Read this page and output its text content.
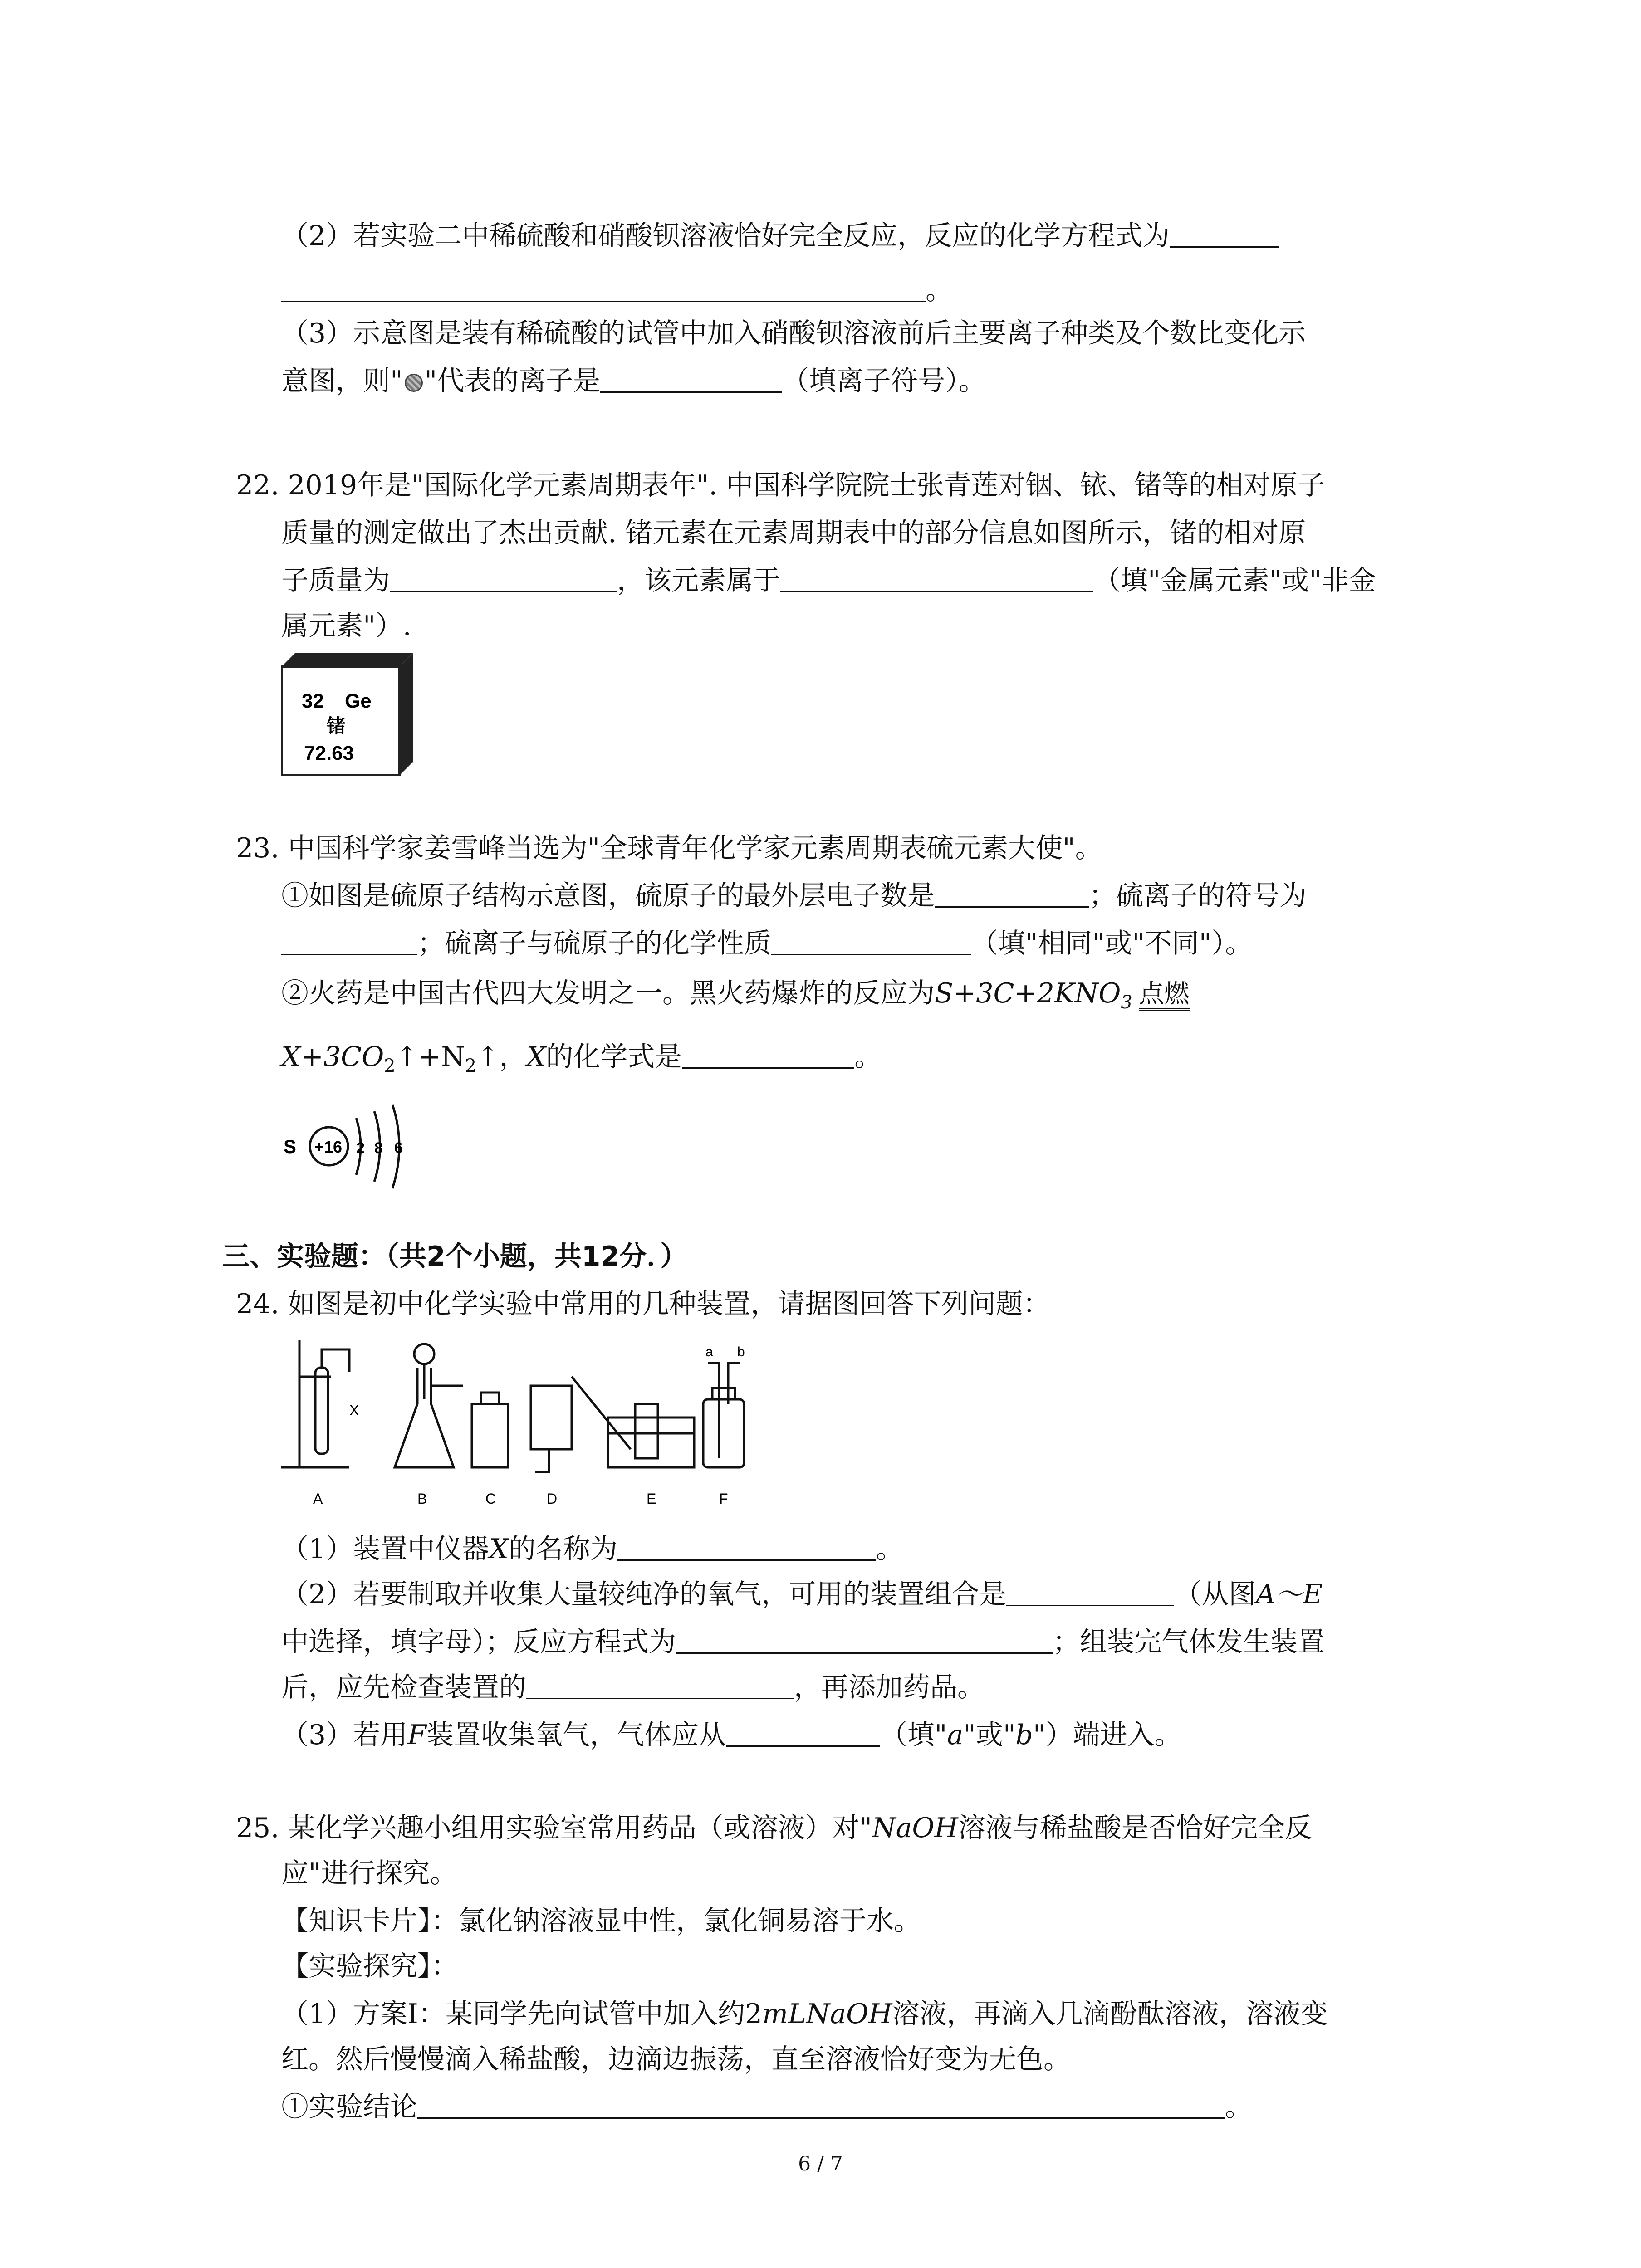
（2）若实验二中稀硫酸和硝酸钡溶液恰好完全反应，反应的化学方程式为
。
（3）示意图是装有稀硫酸的试管中加入硝酸钡溶液前后主要离子种类及个数比变化示
意图，则" "代表的离子是	（填离子符号）。
22. 2019年是"国际化学元素周期表年". 中国科学院院士张青莲对铟、铱、锗等的相对原子
质量的测定做出了杰出贡献. 锗元素在元素周期表中的部分信息如图所示，锗的相对原
子质量为	，该元素属于	（填"金属元素"或"非金
属元素"）.
32 Ge
锗
72.63
23. 中国科学家姜雪峰当选为"全球青年化学家元素周期表硫元素大使"。
①如图是硫原子结构示意图，硫原子的最外层电子数是	；硫离子的符号为
；硫离子与硫原子的化学性质	（填"相同"或"不同"）。
②火药是中国古代四大发明之一。黑火药爆炸的反应为$S+3C+2KNO_3$ 点燃
$X+3CO_2↑+N_2↑$，X的化学式是	。
S +16 2 8 6
三、实验题：（共2个小题，共12分．）
24. 如图是初中化学实验中常用的几种装置，请据图回答下列问题：
X
a b
A	B	C	D	E	F
（1）装置中仪器X的名称为	。
（2）若要制取并收集大量较纯净的氧气，可用的装置组合是	（从图A～E
中选择，填字母）；反应方程式为	；组装完气体发生装置
后，应先检查装置的	，再添加药品。
（3）若用F装置收集氧气，气体应从	（填"a"或"b"）端进入。
25. 某化学兴趣小组用实验室常用药品（或溶液）对"NaOH溶液与稀盐酸是否恰好完全反
应"进行探究。
【知识卡片】：氯化钠溶液显中性，氯化铜易溶于水。
【实验探究】：
（1）方案Ⅰ：某同学先向试管中加入约2mLNaOH溶液，再滴入几滴酚酞溶液，溶液变
红。然后慢慢滴入稀盐酸，边滴边振荡，直至溶液恰好变为无色。
①实验结论	。
6 / 7
